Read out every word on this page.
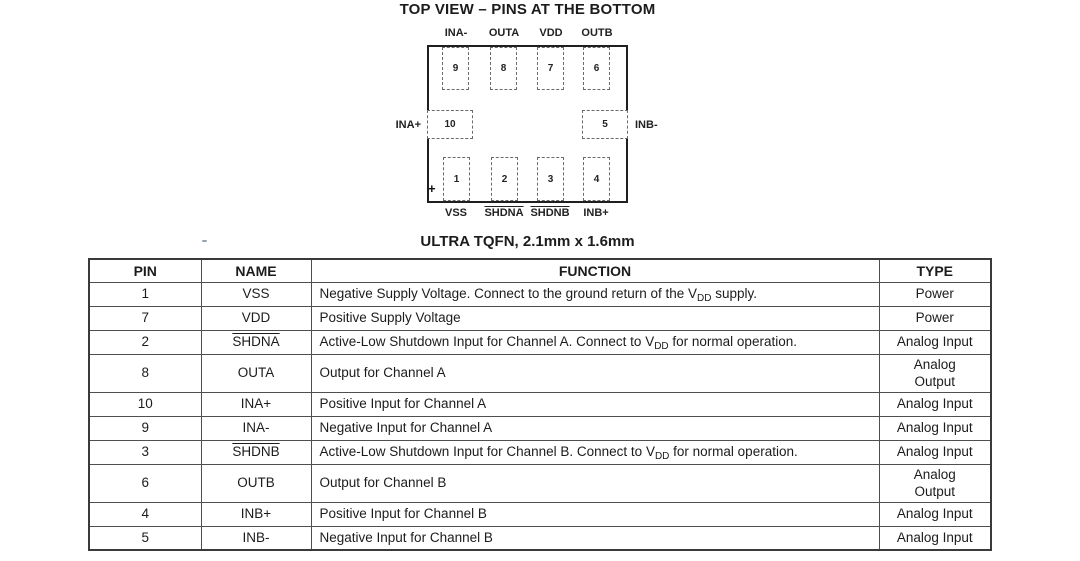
TOP VIEW – PINS AT THE BOTTOM
INA- OUTA VDD OUTB
9	8	7	6
INA+	10	5	INB-
1	2	3	4
+
VSS SHDNA SHDNB INB+
ULTRA TQFN, 2.1mm x 1.6mm
PIN	NAME	FUNCTION	TYPE
1	VSS	Negative Supply Voltage. Connect to the ground return of the $V_{DD}$ supply.	Power
7	VDD	Positive Supply Voltage	Power
2	SHDNA	Active-Low Shutdown Input for Channel A. Connect to $V_{DD}$ for normal operation.	Analog Input
8	OUTA	Output for Channel A	Analog
Output
10	INA+	Positive Input for Channel A	Analog Input
9	INA-	Negative Input for Channel A	Analog Input
3	SHDNB	Active-Low Shutdown Input for Channel B. Connect to $V_{DD}$ for normal operation.	Analog Input
6	OUTB	Output for Channel B	Analog
Output
4	INB+	Positive Input for Channel B	Analog Input
5	INB-	Negative Input for Channel B	Analog Input
